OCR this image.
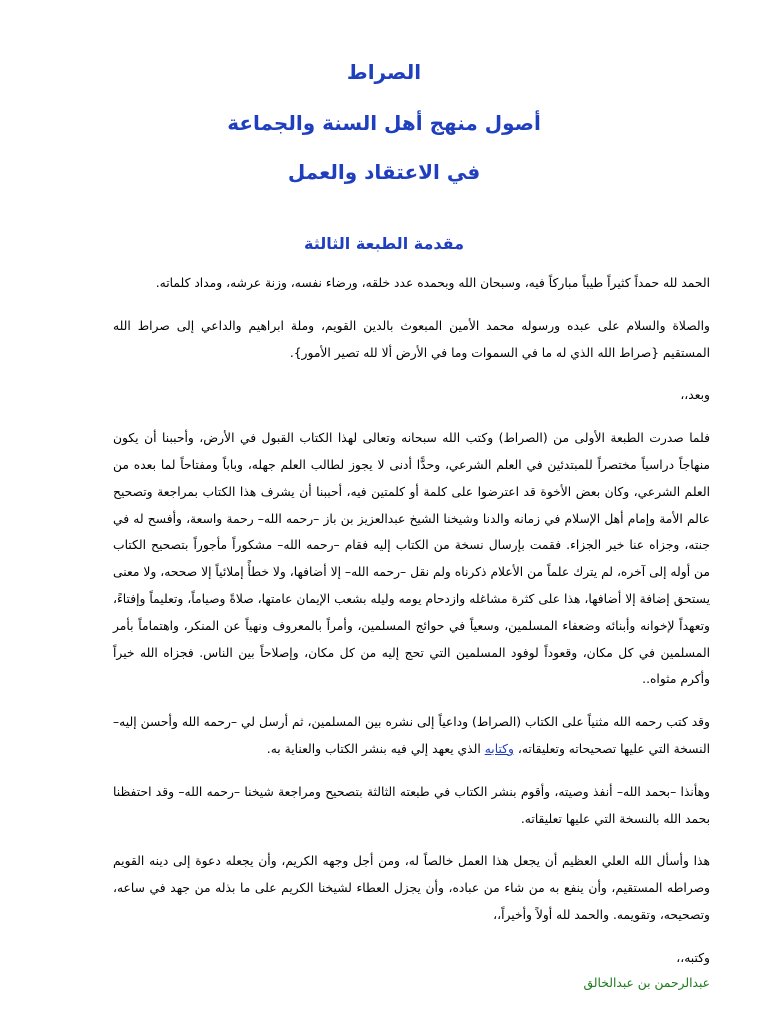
الصراط
أصول منهج أهل السنة والجماعة
في الاعتقاد والعمل
مقدمة الطبعة الثالثة

الحمد لله حمداً كثيراً طيباً مباركاً فيه، وسبحان الله وبحمده عدد خلقه، ورضاء نفسه، وزنة عرشه، ومداد كلماته.

والصلاة والسلام على عبده ورسوله محمد الأمين المبعوث بالدين القويم، وملة ابراهيم والداعي إلى صراط الله المستقيم {صراط الله الذي له ما في السموات وما في الأرض ألا لله تصير الأمور}.

وبعد،،

فلما صدرت الطبعة الأولى من (الصراط) وكتب الله سبحانه وتعالى لهذا الكتاب القبول في الأرض، وأحببنا أن يكون منهاجاً دراسياً مختصراً للمبتدئين في العلم الشرعي، وحدًّا أدنى لا يجوز لطالب العلم جهله، وباباً ومفتاحاً لما بعده من العلم الشرعي، وكان بعض الأخوة قد اعترضوا على كلمة أو كلمتين فيه، أحببنا أن يشرف هذا الكتاب بمراجعة وتصحيح عالم الأمة وإمام أهل الإسلام في زمانه والدنا وشيخنا الشيخ عبدالعزيز بن باز –رحمه الله– رحمة واسعة، وأفسح له في جنته، وجزاه عنا خير الجزاء. فقمت بإرسال نسخة من الكتاب إليه فقام –رحمه الله– مشكوراً مأجوراً بتصحيح الكتاب من أوله إلى آخره، لم يترك علماً من الأعلام ذكرناه ولم نقل –رحمه الله– إلا أضافها، ولا خطأً إملائياً إلا صححه، ولا معنى يستحق إضافة إلا أضافها، هذا على كثرة مشاغله وازدحام يومه وليله بشعب الإيمان عامتها، صلاةً وصياماً، وتعليماً وإفتاءً، وتعهداً لإخوانه وأبنائه وضعفاء المسلمين، وسعياً في حوائج المسلمين، وأمراً بالمعروف ونهياً عن المنكر، واهتماماً بأمر المسلمين في كل مكان، وقعوداً لوفود المسلمين التي تحج إليه من كل مكان، وإصلاحاً بين الناس. فجزاه الله خيراً وأكرم مثواه..

وقد كتب رحمه الله مثنياً على الكتاب (الصراط) وداعياً إلى نشره بين المسلمين، ثم أرسل لي –رحمه الله وأحسن إليه– النسخة التي عليها تصحيحاته وتعليقاته، وكتابه الذي يعهد إلي فيه بنشر الكتاب والعناية به.

وهأنذا –بحمد الله– أنفذ وصيته، وأقوم بنشر الكتاب في طبعته الثالثة بتصحيح ومراجعة شيخنا –رحمه الله– وقد احتفظنا بحمد الله بالنسخة التي عليها تعليقاته.

هذا وأسأل الله العلي العظيم أن يجعل هذا العمل خالصاً له، ومن أجل وجهه الكريم، وأن يجعله دعوة إلى دينه القويم وصراطه المستقيم، وأن ينفع به من شاء من عباده، وأن يجزل العطاء لشيخنا الكريم على ما بذله من جهد في ساعه، وتصحيحه، وتقويمه. والحمد لله أولاً وأخيراً،،

وكتبه،،

عبدالرحمن بن عبدالخالق
